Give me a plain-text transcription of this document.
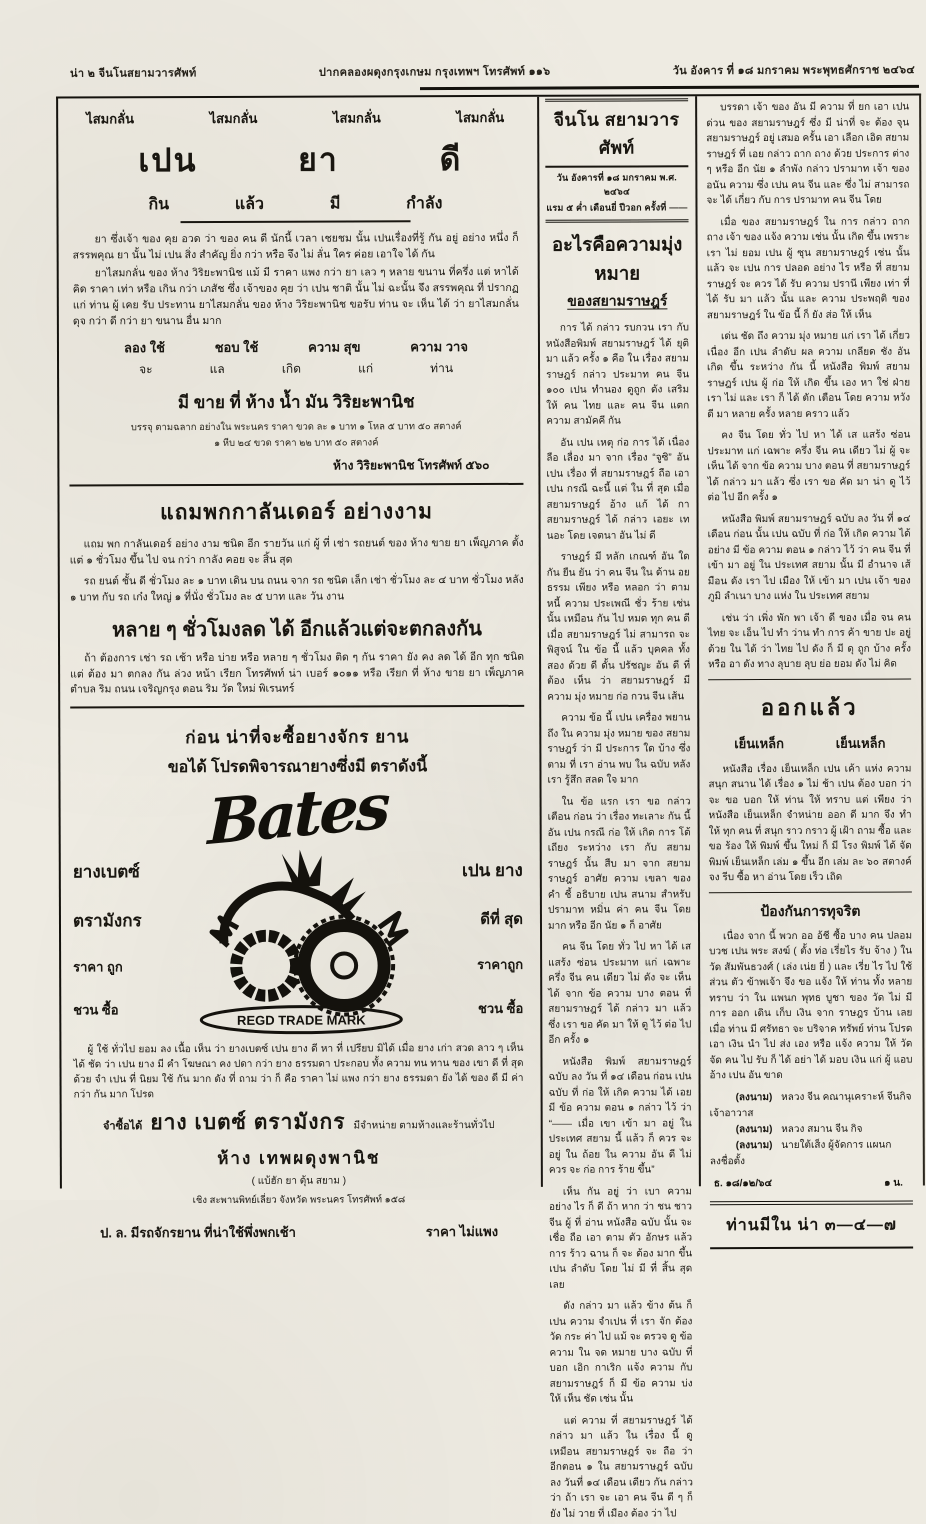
น่า ๒ จีนโนสยามวารศัพท์	ปากคลองผดุงกรุงเกษม กรุงเทพฯ โทรศัพท์ ๑๑๖	วัน อังคาร ที่ ๑๘ มกราคม พระพุทธศักราช ๒๔๖๔
ไสมกลั่น	ไสมกลั่น	ไสมกลั่น	ไสมกลั่น
เปน	ยา	ดี
กิน	แล้ว	มี	กำลัง

ยา ซึ่งเจ้า ของ คุย อวด ว่า ของ คน ดี นักนี้ เวลา เชยชม นั้น เปนเรื่องที่รู้ กัน อยู่ อย่าง หนึ่ง ก็ สรรพคุณ ยา นั้น ไม่ เปน สิ่ง สำคัญ ยิ่ง กว่า หรือ จึง ไม่ ลั่น ใคร ค่อย เอาใจ ได้ กัน

ยาไสมกลั่น ของ ห้าง วิริยะพานิช แม้ มี ราคา แพง กว่า ยา เลว ๆ หลาย ขนาน ที่ครึ่ง แต่ หาได้คิด ราคา เท่า หรือ เกิน กว่า เภสัช ซึ่ง เจ้าของ คุย ว่า เปน ชาติ นั้น ไม่ ฉะนั้น จึง สรรพคุณ ที่ ปรากฏ แก่ ท่าน ผู้ เคย รับ ประทาน ยาไสมกลั่น ของ ห้าง วิริยะพานิช ขอรับ ท่าน จะ เห็น ได้ ว่า ยาไสมกลั่น ดุจ กว่า ดี กว่า ยา ขนาน อื่น มาก

ลอง ใช้	ชอบ ใช้	ความ สุข	ความ วาจ
จะ	แล	เกิด	แก่	ท่าน
มี ขาย ที่ ห้าง น้ำ มัน วิริยะพานิช
บรรจุ ตามฉลาก อย่างใน พระนคร ราคา ขวด ละ ๑ บาท ๑ โหล ๕ บาท ๕๐ สตางค์
๑ หีบ ๒๔ ขวด ราคา ๒๒ บาท ๕๐ สตางค์
ห้าง วิริยะพานิช โทรศัพท์ ๕๖๐
แถมพกกาลันเดอร์ อย่างงาม

แถม พก กาลันเดอร์ อย่าง งาม ชนิด อีก รายวัน แก่ ผู้ ที่ เช่า รถยนต์ ของ ห้าง ขาย ยา เพ็ญภาค ตั้ง แต่ ๑ ชั่วโมง ขึ้น ไป จน กว่า กาลัง คอย จะ สิ้น สุด

รถ ยนต์ ชั้น ดี ชั่วโมง ละ ๑ บาท เดิน บน ถนน จาก รถ ชนิด เล็ก เช่า ชั่วโมง ละ ๔ บาท ชั่วโมง หลัง ๑ บาท กับ รถ เก๋ง ใหญ่ ๑ ที่นั่ง ชั่วโมง ละ ๕ บาท และ วัน งาน

หลาย ๆ ชั่วโมงลด ได้ อีกแล้วแต่จะตกลงกัน

ถ้า ต้องการ เช่า รถ เช้า หรือ บ่าย หรือ หลาย ๆ ชั่วโมง ติด ๆ กัน ราคา ยัง คง ลด ได้ อีก ทุก ชนิด แต่ ต้อง มา ตกลง กัน ล่วง หน้า เรียก โทรศัพท์ น่า เบอร์ ๑๐๑๑ หรือ เรียก ที่ ห้าง ขาย ยา เพ็ญภาค ตำบล ริม ถนน เจริญกรุง ตอน ริม วัด ใหม่ พิเรนทร์

ก่อน น่าที่จะซื้อยางจักร ยาน
ขอได้ โปรดพิจารณายางซึ่งมี ตราดังนี้
Bates
ยางเบตซ์
ตรามังกร
ราคา ถูก
ชวน ซื้อ
REGD TRADE MARK
เปน ยาง
ดีที่ สุด
ราคาถูก
ชวน ซื้อ

ผู้ ใช้ ทั่วไป ยอม ลง เนื้อ เห็น ว่า ยางเบตซ์ เปน ยาง ดี หา ที่ เปรียบ มิได้ เมื่อ ยาง เก่า สวด ลาว ๆ เห็น ได้ ชัด ว่า เปน ยาง มี คำ โฆษณา คง ปดา กว่า ยาง ธรรมดา ประกอบ ทั้ง ความ ทน ทาน ของ เขา ดี ที่ สุด ด้วย จำ เปน ที่ นิยม ใช้ กัน มาก ดัง ที่ ถาม ว่า ก็ คือ ราคา ไม่ แพง กว่า ยาง ธรรมดา ยัง ได้ ของ ดี มี ค่า กว่า กัน มาก โปรด

จำซื้อได้ ยาง เบตซ์ ตรามังกร มีจำหน่าย ตามห้างและร้านทั่วไป
ห้าง เทพผดุงพานิช
( แบ้ฮัก ยา ตุ้น สยาม )
เชิง สะพานพิทย์เลี่ยว จังหวัด พระนคร โทรศัพท์ ๑๕๘
ป. ล. มีรถจักรยาน ที่น่าใช้พึ่งพกเช้า	ราคา ไม่แพง
จีนโน สยามวารศัพท์
วัน อังคารที่ ๑๘ มกราคม พ.ศ. ๒๔๖๔
แรม ๕ ค่ำ เดือนยี่ ปีวอก ครั้งที่ ——
อะไรคือความมุ่งหมาย
ของสยามราษฎร์

การ ได้ กล่าว รบกวน เรา กับ หนังสือพิมพ์ สยามราษฎร์ ได้ ยุติ มา แล้ว ครั้ง ๑ คือ ใน เรื่อง สยามราษฎร์ กล่าว ประมาท คน จีน ๑๐๐ เปน ทำนอง ดูถูก ดัง เสริม ให้ คน ไทย และ คน จีน แตก ความ สามัคคี กัน

อัน เปน เหตุ ก่อ การ ได้ เนื่อง ลือ เลื่อง มา จาก เรื่อง “จูซิ” อัน เปน เรื่อง ที่ สยามราษฎร์ ถือ เอา เปน กรณี ฉะนี้ แต่ ใน ที่ สุด เมื่อ สยามราษฎร์ อ้าง แก้ ได้ กา สยามราษฎร์ ได้ กล่าว เอยะ เทนอะ โดย เจตนา อัน ไม่ ดี

ราษฎร์ มี หลัก เกณฑ์ อัน ใด กัน ยืน ยัน ว่า คน จีน ใน ด้าน อยธรรม เพียง หรือ หลอก ว่า ตาม หนี้ ความ ประเพณี ชั่ว ร้าย เช่น นั้น เหมือน กัน ไป หมด ทุก คน ดี เมื่อ สยามราษฎร์ ไม่ สามารถ จะ พิสูจน์ ใน ข้อ นี้ แล้ว บุคคล ทั้ง สอง ด้วย ดี ดั้น ปรัชญะ อัน ดี ที่ ต้อง เห็น ว่า สยามราษฎร์ มี ความ มุ่ง หมาย ก่อ กวน จีน เส้น

ความ ข้อ นี้ เปน เครื่อง พยาน ถึง ใน ความ มุ่ง หมาย ของ สยามราษฎร์ ว่า มี ประการ ใด บ้าง ซึ่ง ตาม ที่ เรา อ่าน พบ ใน ฉบับ หลัง เรา รู้สึก สลด ใจ มาก

ใน ข้อ แรก เรา ขอ กล่าว เตือน ก่อน ว่า เรื่อง ทะเลาะ กัน นี้ อัน เปน กรณี ก่อ ให้ เกิด การ โต้ เถียง ระหว่าง เรา กับ สยามราษฎร์ นั้น สืบ มา จาก สยามราษฎร์ อาศัย ความ เขลา ของ คำ ชี้ อธิบาย เปน สนาม สำหรับ ปรามาท หมิ่น ค่า คน จีน โดย มาก หรือ อีก นัย ๑ ก็ อาศัย

คน จีน โดย ทั่ว ไป หา ได้ เส แสร้ง ซ่อน ประมาท แก่ เฉพาะ ครึ่ง จีน คน เดียว ไม่ ดัง จะ เห็น ได้ จาก ข้อ ความ บาง ตอน ที่ สยามราษฎร์ ได้ กล่าว มา แล้ว ซึ่ง เรา ขอ คัด มา ให้ ดู ไว้ ต่อ ไป อีก ครั้ง ๑

หนังสือ พิมพ์ สยามราษฎร์ ฉบับ ลง วัน ที่ ๑๔ เดือน ก่อน เปน ฉบับ ที่ ก่อ ให้ เกิด ความ ได้ เอย มี ข้อ ความ ตอน ๑ กล่าว ไว้ ว่า “—— เมื่อ เขา เข้า มา อยู่ ใน ประเทศ สยาม นี้ แล้ว ก็ ควร จะ อยู่ ใน ถ้อย ใน ความ อัน ดี ไม่ ควร จะ ก่อ การ ร้าย ขึ้น”

เห็น กัน อยู่ ว่า เบา ความ อย่าง ไร ก็ ดี ถ้า หาก ว่า ชน ชาว จีน ผู้ ที่ อ่าน หนังสือ ฉบับ นั้น จะ เชื่อ ถือ เอา ตาม ตัว อักษร แล้ว การ ร้าว ฉาน ก็ จะ ต้อง มาก ขึ้น เปน ลำดับ โดย ไม่ มี ที่ สิ้น สุด เลย

ดัง กล่าว มา แล้ว ข้าง ต้น ก็ เปน ความ จำเปน ที่ เรา จัก ต้อง วัด กระ ค่า ไป แม้ จะ ตรวจ ดู ข้อ ความ ใน จด หมาย บาง ฉบับ ที่ บอก เอิก กาเริก แจ้ง ความ กับ สยามราษฎร์ ก็ มี ข้อ ความ บ่ง ให้ เห็น ชัด เช่น นั้น

แต่ ความ ที่ สยามราษฎร์ ได้ กล่าว มา แล้ว ใน เรื่อง นี้ ดู เหมือน สยามราษฎร์ จะ ถือ ว่า อีกตอน ๑ ใน สยามราษฎร์ ฉบับ ลง วันที่ ๑๔ เดือน เดียว กัน กล่าว ว่า ถ้า เรา จะ เอา คน จีน ดี ๆ ก็ ยัง ไม่ วาย ที่ เมือง ต้อง ว่า ไป

บรรดา เจ้า ของ อัน มี ความ ที่ ยก เอา เปน ด่วน ของ สยามราษฎร์ ซึ่ง มี น่าที่ จะ ต้อง จุน สยามราษฎร์ อยู่ เสมอ ครั้น เอา เลือก เอิด สยามราษฎร์ ที่ เอย กล่าว ถาก ถาง ด้วย ประการ ต่าง ๆ หรือ อีก นัย ๑ ลำพัง กล่าว ปรามาท เจ้า ของ อนัน ความ ซึ่ง เปน คน จีน และ ซึ่ง ไม่ สามารถ จะ ได้ เกี่ยว กับ การ ปรามาท คน จีน โดย

เมื่อ ของ สยามราษฎร์ ใน การ กล่าว ถาก ถาง เจ้า ของ แจ้ง ความ เช่น นั้น เกิด ขึ้น เพราะ เรา ไม่ ยอม เปน ผู้ ซุน สยามราษฎร์ เช่น นั้น แล้ว จะ เปน การ ปลอด อย่าง ไร หรือ ที่ สยามราษฎร์ จะ ควร ได้ รับ ความ ปรานี เพียง เท่า ที่ ได้ รับ มา แล้ว นั้น และ ความ ประพฤติ ของ สยามราษฎร์ ใน ข้อ นี้ ก็ ยัง ส่อ ให้ เห็น

เด่น ชัด ถึง ความ มุ่ง หมาย แก่ เรา ได้ เกี่ยว เนื่อง อีก เปน ลำดับ ผล ความ เกลียด ชัง อัน เกิด ขึ้น ระหว่าง กัน นี้ หนังสือ พิมพ์ สยามราษฎร์ เปน ผู้ ก่อ ให้ เกิด ขึ้น เอง หา ใช่ ฝ่าย เรา ไม่ และ เรา ก็ ได้ ตัก เตือน โดย ความ หวัง ดี มา หลาย ครั้ง หลาย คราว แล้ว

คง จีน โดย ทั่ว ไป หา ได้ เส แสร้ง ซ่อน ประมาท แก่ เฉพาะ ครึ่ง จีน คน เดียว ไม่ ผู้ จะ เห็น ได้ จาก ข้อ ความ บาง ตอน ที่ สยามราษฎร์ ได้ กล่าว มา แล้ว ซึ่ง เรา ขอ คัด มา น่า ดู ไว้ ต่อ ไป อีก ครั้ง ๑

หนังสือ พิมพ์ สยามราษฎร์ ฉบับ ลง วัน ที่ ๑๔ เดือน ก่อน นั้น เปน ฉบับ ที่ ก่อ ให้ เกิด ความ ได้ อย่าง มี ข้อ ความ ตอน ๑ กล่าว ไว้ ว่า คน จีน ที่ เข้า มา อยู่ ใน ประเทศ สยาม นั้น มี อำนาจ เส้มือน ดัง เรา ไป เมือง ให้ เข้า มา เปน เจ้า ของ ภูมิ ลำเนา บาง แห่ง ใน ประเทศ สยาม

เช่น ว่า เพิ่ง พัก พา เจ้า ดี ของ เมื่อ จน คน ไทย จะ เอ็น ไป ทำ ว่าน ทำ การ ค้า ขาย ปะ อยู่ ด้วย ใน ได้ ว่า ไทย ไป ดัง ก็ มี ดุ ถูก บ้าง ครั้ง หรือ อา ดัง ทาง ลุบาย ลุบ ย่อ ยอม ดัง ไม่ คิด

ออกแล้ว
เย็นเหล็ก	เย็นเหล็ก

หนังสือ เรื่อง เย็นเหล็ก เปน เค้า แห่ง ความ สนุก สนาน ได้ เรื่อง ๑ ไม่ ช้า เปน ต้อง บอก ว่า จะ ขอ บอก ให้ ท่าน ให้ ทราบ แต่ เพียง ว่า หนังสือ เย็นเหล็ก จำหน่าย ออก ดี มาก จึง ทำ ให้ ทุก คน ที่ สนุก ราว กราว ผู้ เฝ้า ถาม ซื้อ และ ขอ ร้อง ให้ พิมพ์ ขึ้น ใหม่ ก็ มี โรง พิมพ์ ได้ จัด พิมพ์ เย็นเหล็ก เล่ม ๑ ขึ้น อีก เล่ม ละ ๖๐ สตางค์ จง รีบ ซื้อ หา อ่าน โดย เร็ว เถิด

ป้องกันการทุจริต

เนื่อง จาก นี้ พวก ออ อ้ชี ซื้อ บาง คน ปลอม บวช เปน พระ สงฆ์ ( ตั้ง ท่อ เรี่ยไร รับ จ้าง ) ใน วัด สัมพันธวงศ์ ( เล่ง เน่ย ยี่ ) และ เรี่ย ไร ไป ใช้ ส่วน ตัว ข้าพเจ้า จึง ขอ แจ้ง ให้ ท่าน ทั้ง หลาย ทราบ ว่า ใน แพนก พุทธ บูชา ของ วัด ไม่ มี การ ออก เดิน เก็บ เงิน จาก ราษฎร บ้าน เลย เมื่อ ท่าน มี ศรัทธา จะ บริจาค ทรัพย์ ท่าน โปรด เอา เงิน นำ ไป ส่ง เอง หรือ แจ้ง ความ ให้ วัด จัด คน ไป รับ ก็ ได้ อย่า ได้ มอบ เงิน แก่ ผู้ แอบ อ้าง เปน อัน ขาด

(ลงนาม) หลวง จีน คณานุเคราะห์ จีนกิจ
เจ้าอาวาส
(ลงนาม) หลวง สมาน จีน กิจ
(ลงนาม) นายใต้เส็ง ผู้จัดการ แผนก
ลงชื่อตั้ง
ธ. ๑๘/๑๒/๖๔	๑ น.
ท่านมีใน น่า ๓—๔—๗
